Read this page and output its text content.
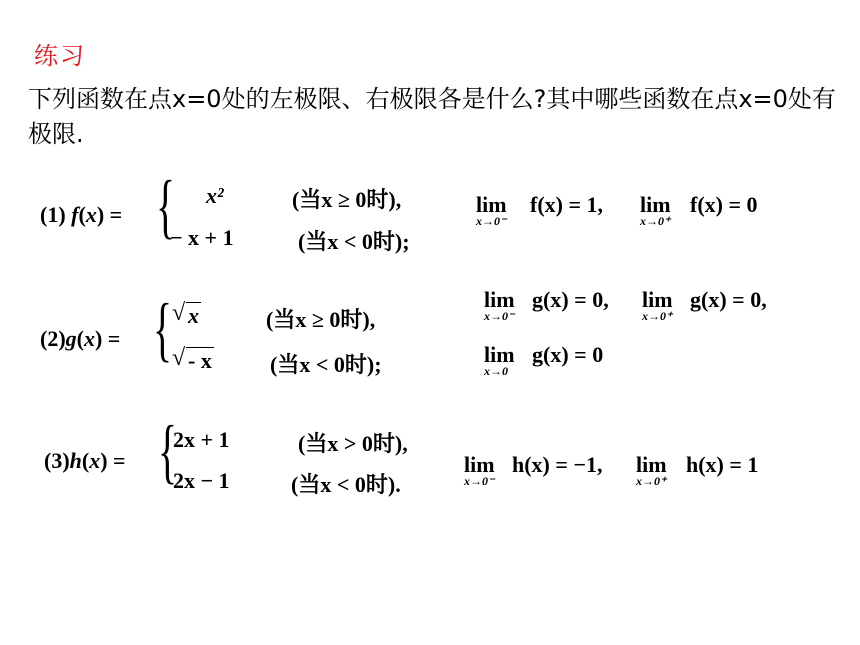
练习
下列函数在点x=0处的左极限、右极限各是什么?其中哪些函数在点x=0处有极限.
(1) f(x) = { x²	(当x ≥ 0时),
− x + 1	(当x < 0时);
lim
x→0⁻
f(x) = 1, lim
x→0⁺
f(x) = 0
(2)g(x) = {
√ x	(当x ≥ 0时),
√ - x	(当x < 0时);
lim
x→0⁻
g(x) = 0, lim
x→0⁺
g(x) = 0,
lim
x→0
g(x) = 0
(3)h(x) = {
2x + 1	(当x > 0时),
2x − 1	(当x < 0时).
lim
x→0⁻
h(x) = −1, lim
x→0⁺
h(x) = 1
